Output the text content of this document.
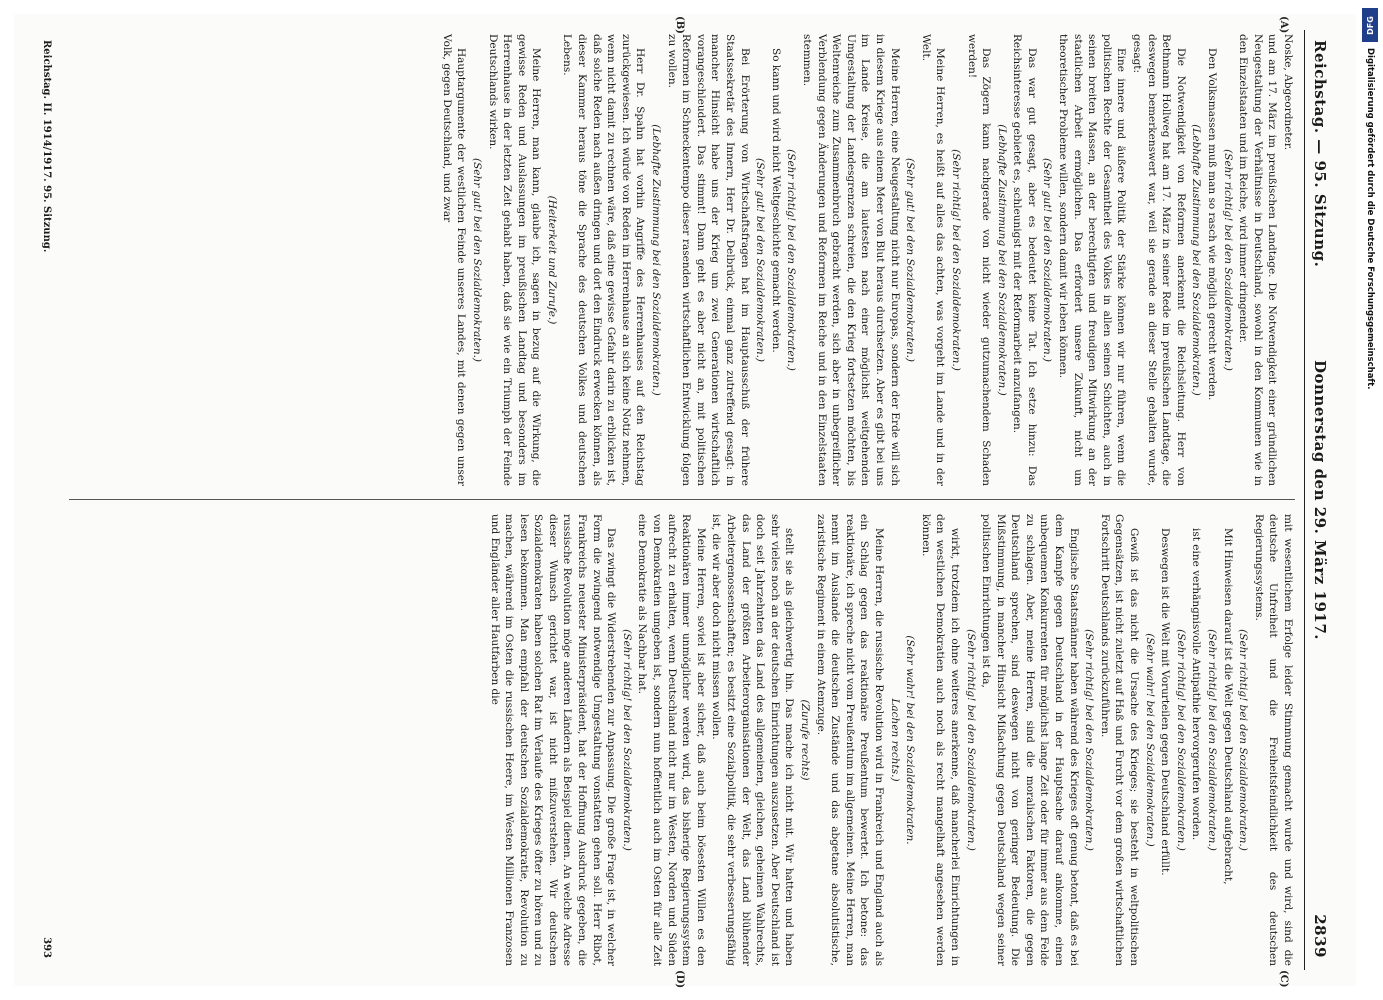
Reichstag. — 95. Sitzung.
Donnerstag den 29. März 1917.
2839
(A)
(B)
(C)
(D)

Noske, Abgeordneter.

und am 17. März im preußischen Landtage. Die Notwendigkeit einer gründlichen Neugestaltung der Verhältnisse in Deutschland, sowohl in den Kommunen wie in den Einzelstaaten und im Reiche, wird immer dringender.

(Sehr richtig! bei den Sozialdemokraten.)

Den Volksmassen muß man so rasch wie möglich gerecht werden.

(Lebhafte Zustimmung bei den Sozialdemokraten.)

Die Notwendigkeit von Reformen anerkennt die Reichsleitung. Herr von Bethmann Hollweg hat am 17. März in seiner Rede im preußischen Landtage, die deswegen bemerkenswert war, weil sie gerade an dieser Stelle gehalten wurde, gesagt:

Eine innere und äußere Politik der Stärke können wir nur führen, wenn die politischen Rechte der Gesamtheit des Volkes in allen seinen Schichten, auch in seinen breiten Massen, an der berechtigten und freudigen Mitwirkung an der staatlichen Arbeit ermöglichen. Das erfordert unsere Zukunft, nicht um theoretischer Probleme willen, sondern damit wir leben können.

(Sehr gut! bei den Sozialdemokraten.)

Das war gut gesagt, aber es bedeutet keine Tat. Ich setze hinzu: Das Reichsinteresse gebietet es, schleunigst mit der Reformarbeit anzufangen.

(Lebhafte Zustimmung bei den Sozialdemokraten.)

Das Zögern kann nachgerade von nicht wieder gutzumachendem Schaden werden!

(Sehr richtig! bei den Sozialdemokraten.)

Meine Herren, es heißt auf alles das achten, was vorgeht im Lande und in der Welt.

(Sehr gut! bei den Sozialdemokraten.)

Meine Herren, eine Neugestaltung nicht nur Europas, sondern der Erde will sich in diesem Kriege aus einem Meer von Blut heraus durchsetzen. Aber es gibt bei uns im Lande Kreise, die am lautesten nach einer möglichst weitgehenden Umgestaltung der Landesgrenzen schreien, die den Krieg fortsetzen möchten, bis Weltenreiche zum Zusammenbruch gebracht werden, sich aber in unbegreiflicher Verblendung gegen Änderungen und Reformen im Reiche und in den Einzelstaaten stemmen.

(Sehr richtig! bei den Sozialdemokraten.)

So kann und wird nicht Weltgeschichte gemacht werden.

(Sehr gut! bei den Sozialdemokraten.)

Bei Erörterung von Wirtschaftsfragen hat im Hauptausschuß der frühere Staatssekretär des Innern, Herr Dr. Delbrück, einmal ganz zutreffend gesagt: in mancher Hinsicht habe uns der Krieg um zwei Generationen wirtschaftlich vorangeschleudert. Das stimmt! Dann geht es aber nicht an, mit politischen Reformen im Schneckentempo dieser rasenden wirtschaftlichen Entwicklung folgen zu wollen.

(Lebhafte Zustimmung bei den Sozialdemokraten.)

Herr Dr. Spahn hat vorhin Angriffe des Herrenhauses auf den Reichstag zurückgewiesen. Ich würde von Reden im Herrenhause an sich keine Notiz nehmen, wenn nicht damit zu rechnen wäre, daß eine gewisse Gefahr darin zu erblicken ist, daß solche Reden nach außen dringen und dort den Eindruck erwecken können, als dieser Kammer heraus töne die Sprache des deutschen Volkes und deutschen Lebens.

(Heiterkeit und Zurufe.)

Meine Herren, man kann, glaube ich, sagen in bezug auf die Wirkung, die gewisse Reden und Auslassungen im preußischen Landtag und besonders im Herrenhause in der letzten Zeit gehabt haben, daß sie wie ein Triumph der Feinde Deutschlands wirken.

(Sehr gut! bei den Sozialdemokraten.)

Hauptargumente der westlichen Feinde unseres Landes, mit denen gegen unser Volk, gegen Deutschland, und zwar

mit wesentlichem Erfolge leider Stimmung gemacht wurde und wird, sind die deutsche Unfreiheit und die Freiheitsfeindlichkeit des deutschen Regierungssystems.

(Sehr richtig! bei den Sozialdemokraten.)

Mit Hinweisen darauf ist die Welt gegen Deutschland aufgebracht,

(Sehr richtig! bei den Sozialdemokraten.)

ist eine verhängnisvolle Antipathie hervorgerufen worden.

(Sehr richtig! bei den Sozialdemokraten.)

Deswegen ist die Welt mit Vorurteilen gegen Deutschland erfüllt.

(Sehr wahr! bei den Sozialdemokraten.)

Gewiß ist das nicht die Ursache des Krieges; sie besteht in weltpolitischen Gegensätzen, ist nicht zuletzt auf Haß und Furcht vor dem großen wirtschaftlichen Fortschritt Deutschlands zurückzuführen.

(Sehr richtig! bei den Sozialdemokraten.)

Englische Staatsmänner haben während des Krieges oft genug betont, daß es bei dem Kampfe gegen Deutschland in der Hauptsache darauf ankomme, einen unbequemen Konkurrenten für möglichst lange Zeit oder für immer aus dem Felde zu schlagen. Aber, meine Herren, sind die moralischen Faktoren, die gegen Deutschland sprechen, sind deswegen nicht von geringer Bedeutung. Die Mißstimmung, in mancher Hinsicht Mißachtung gegen Deutschland wegen seiner politischen Einrichtungen ist da,

(Sehr richtig! bei den Sozialdemokraten.)

wirkt, trotzdem ich ohne weiteres anerkenne, daß mancherlei Einrichtungen in den westlichen Demokratien auch noch als recht mangelhaft angesehen werden können.

(Sehr wahr! bei den Sozialdemokraten.

Lachen rechts.)

Meine Herren, die russische Revolution wird in Frankreich und England auch als ein Schlag gegen das reaktionäre Preußentum bewertet. Ich betone: das reaktionäre, ich spreche nicht vom Preußentum im allgemeinen. Meine Herren, man nennt im Auslande die deutschen Zustände und das abgetane absolutistische, zaristische Regiment in einem Atemzuge.

(Zurufe rechts)

stellt sie als gleichwertig hin. Das mache ich nicht mit. Wir hatten und haben sehr vieles noch an der deutschen Einrichtungen auszusetzen. Aber Deutschland ist doch seit Jahrzehnten das Land des allgemeinen, gleichen, geheimen Wahlrechts, das Land der größten Arbeiterorganisationen der Welt, das Land blühender Arbeitergenossenschaften; es besitzt eine Sozialpolitik, die sehr verbesserungsfähig ist, die wir aber doch nicht missen wollen.

Meine Herren, soviel ist aber sicher, daß auch beim bösesten Willen es den Reaktionären immer unmöglicher werden wird, das bisherige Regierungssystem aufrecht zu erhalten, wenn Deutschland nicht nur im Westen, Norden und Süden von Demokratien umgeben ist, sondern nun hoffentlich auch im Osten für alle Zeit eine Demokratie als Nachbar hat.

(Sehr richtig! bei den Sozialdemokraten.)

Das zwingt die Widerstrebenden zur Anpassung. Die große Frage ist, in welcher Form die zwingend notwendige Umgestaltung vonstatten gehen soll. Herr Ribot, Frankreichs neuester Ministerpräsident, hat der Hoffnung Ausdruck gegeben, die russische Revolution möge anderen Ländern als Beispiel dienen. An welche Adresse dieser Wunsch gerichtet war, ist nicht mißzuverstehen. Wir deutschen Sozialdemokraten haben solchen Rat im Verlaufe des Krieges öfter zu hören und zu lesen bekommen. Man empfahl der deutschen Sozialdemokratie, Revolution zu machen, während im Osten die russischen Heere, im Westen Millionen Franzosen und Engländer aller Hautfarben die

Reichstag. II. 1914/1917. 95. Sitzung.
393
DFG
Digitalisierung gefördert durch die Deutsche Forschungsgemeinschaft.
